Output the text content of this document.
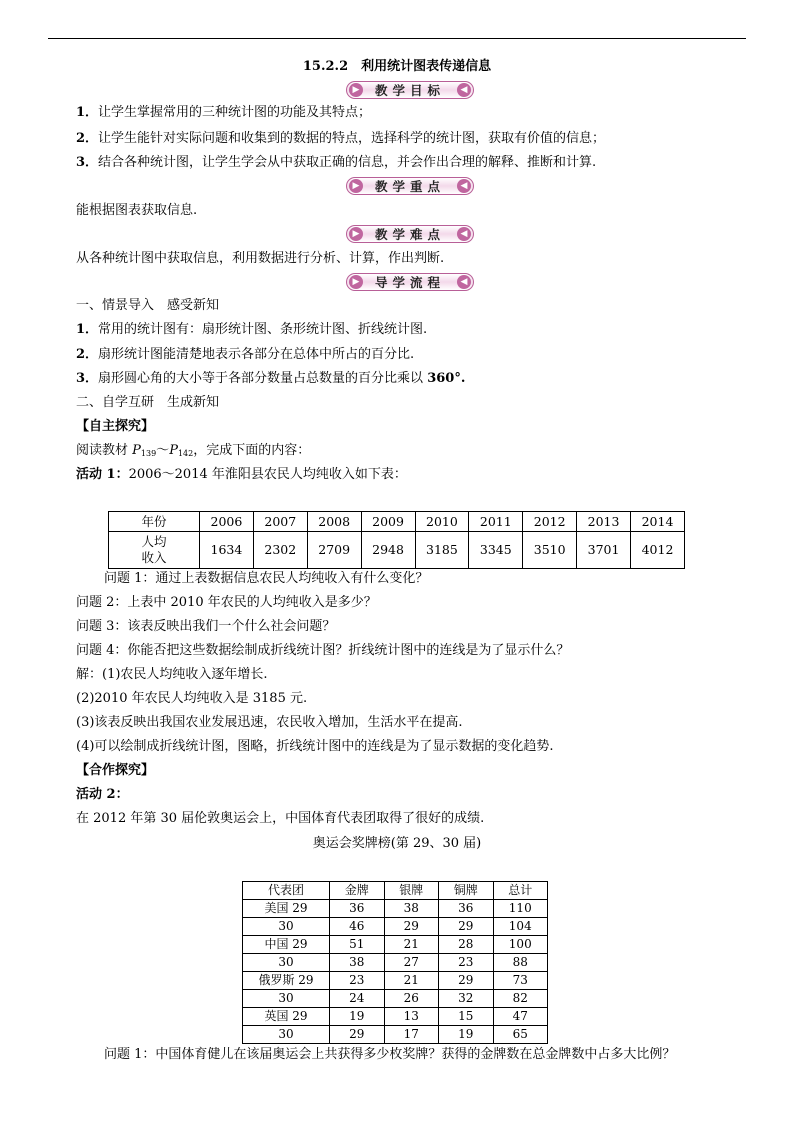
15.2.2　利用统计图表传递信息
▶	教学目标	◀
1．让学生掌握常用的三种统计图的功能及其特点；
2．让学生能针对实际问题和收集到的数据的特点，选择科学的统计图，获取有价值的信息；
3．结合各种统计图，让学生学会从中获取正确的信息，并会作出合理的解释、推断和计算.
▶	教学重点	◀
能根据图表获取信息.
▶	教学难点	◀
从各种统计图中获取信息，利用数据进行分析、计算，作出判断.
▶	导学流程	◀
一、情景导入　感受新知
1．常用的统计图有：扇形统计图、条形统计图、折线统计图.
2．扇形统计图能清楚地表示各部分在总体中所占的百分比.
3．扇形圆心角的大小等于各部分数量占总数量的百分比乘以 360°.
二、自学互研　生成新知
【自主探究】
阅读教材 $P_{139}\sim P_{142}$，完成下面的内容：
活动 1：2006～2014 年淮阳县农民人均纯收入如下表：
年份	2006	2007	2008	2009	2010	2011	2012	2013	2014

人均
收入	1634	2302	2709	2948	3185	3345	3510	3701	4012
问题 1：通过上表数据信息农民人均纯收入有什么变化？
问题 2：上表中 2010 年农民的人均纯收入是多少？
问题 3：该表反映出我们一个什么社会问题？
问题 4：你能否把这些数据绘制成折线统计图？折线统计图中的连线是为了显示什么？
解：(1)农民人均纯收入逐年增长.
(2)2010 年农民人均纯收入是 3185 元.
(3)该表反映出我国农业发展迅速，农民收入增加，生活水平在提高.
(4)可以绘制成折线统计图，图略，折线统计图中的连线是为了显示数据的变化趋势.
【合作探究】
活动 2：
在 2012 年第 30 届伦敦奥运会上，中国体育代表团取得了很好的成绩.
奥运会奖牌榜(第 29、30 届)
代表团	金牌	银牌	铜牌	总计
美国 29	36	38	36	110
30	46	29	29	104
中国 29	51	21	28	100
30	38	27	23	88
俄罗斯 29	23	21	29	73
30	24	26	32	82
英国 29	19	13	15	47
30	29	17	19	65
问题 1：中国体育健儿在该届奥运会上共获得多少枚奖牌？获得的金牌数在总金牌数中占多大比例？
